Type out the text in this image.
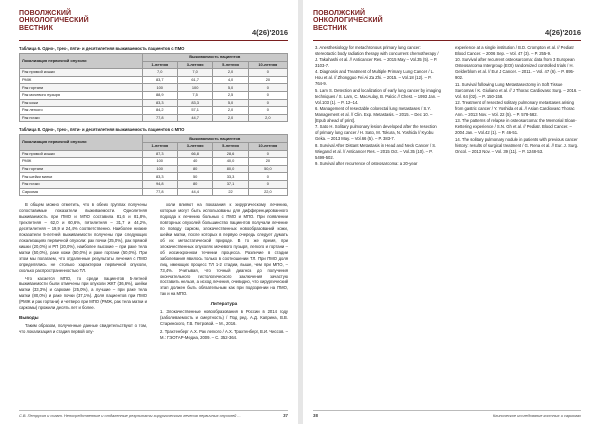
ПОВОЛЖСКИЙ
ОНКОЛОГИЧЕСКИЙ
ВЕСТНИК	4(26)'2016
Таблица 6. Одно-, трех-, пяти- и десятилетняя выживаемость пациентов с ПМО
Локализация первичной опухоли	Выживаемость пациентов			
	1-летняя	3-летняя	5-летняя	10-летняя
Рак прямой кишки	7,0	7,0	2,0	0
РМЖ	83,7	61,7	4,0	20
Рак гортани	100	100	5,0	0
Рак мочевого пузыря	88,9	7,5	2,5	0
Рак кожи	83,3	83,3	5,0	0
Рак легкого	84,2	57,1	2,0	0
Рак почки	77,8	44,7	2,0	2,0
Таблица 8. Одно-, трех-, пяти- и десятилетняя выживаемость пациентов с МПО
Локализация первичной опухоли	Выживаемость пациентов			
	1-летняя	3-летняя	5-летняя	10-летняя
Рак прямой кишки	87,3	66,8	28,6	0
РМЖ	100	40	40,0	20
Рак гортани	100	80	80,0	50,0
Рак шейки матки	83,3	50	33,3	0
Рак почки	94,8	80	37,1	0
Саркома	77,8	44,4	22	22,0

В общем можно отметить, что в обеих группах получены сопоставимые показатели выживаемости. Однолетняя выживаемость при ПМО и МПО составила 81,6 и 81,8%, трехлетняя – 62,0 и 60,6%, пятилетняя – 31,7 и 44,2%, десятилетняя – 19,9 и 24,4% соответственно. Наиболее низкие показатели 5-летней выживаемости получены при следующих локализациях первичной опухоли: рак почки (25,0%), рак прямой кишки (20,0%) и РП (20,0%), наиболее высокие – при раке тела матки (50,0%), раке кожи (50,0%) и раке гортани (50,0%). При этом мы полагаем, что отдаленные результаты лечения с ПМО определялись не столько характером первичной опухоли, сколько распространенностью ТЛ.

Что касается МПО, то среди пациентов 5-летней выживаемости были отмечены при опухоли ЖКТ (36,6%), шейки матки (33,3%) и саркоме (25,0%), а лучшие – при раке тела матки (80,0%) и раке почки (37,1%). Доля пациентов при ПМО (РМЖ и рак гортани) и четверо при МПО (РМЖ, рак тела матки и саркомы) прожили десять лет и более.

Выводы

Таким образом, полученные данные свидетельствуют о том, что локализация и стадия первой опу-

холи влияют на показания к хирургическому лечению, которые могут быть использованы для дифференцированного подхода к лечению больных с ПМО и МПО. При появлении повторных опухолей большинство пациентов получали лечение по поводу сарком, злокачественных новообразований кожи, шейки матки, после которых в первую очередь следует думать об их метастатической природе. В то же время, при злокачественных опухолях мочевого пузыря, легкого и гортани – об иосинхронном течении процесса. Различие в стадии заболевания явилось только в соотношении ТЛ. При ПМО доля лиц, имеющих процесс ТЛ 1-2 стадии, выше, чем при МПО, – 73,4%. Учитывая, что точный диагноз до получения окончательного гистологического заключения зачастую поставить нельзя, а исход лечения, очевидно, что хирургический этап должен быть обязательным как при подозрении на ПМО, так и на МПО.

Литература

1. Злокачественные новообразования в России в 2014 году (заболеваемость и смертность) / Под ред. А.Д. Каприна, В.В. Старинского, Г.В. Петровой. – М., 2016.

2. Трахтенберг А.Х. Рак легкого / А.Х. Трахтенберг, В.И. Чиссов. – М.: ГЭОТАР-Медиа, 2009. – С. 352-364.

С.В. Петрухин и соавт. Непосредственные и отдаленные результаты хирургического лечения первичных опухолей ...	37
ПОВОЛЖСКИЙ
ОНКОЛОГИЧЕСКИЙ
ВЕСТНИК	4(26)'2016
3. Anesthesiology for metachronous primary lung cancer: stereotactic body radiation therapy with concurrent chemotherapy / J. Takahashi et al. // Anticancer Res. – 2015 May – Vol.35 (5). – P. 3103-7.
4. Diagnosis and Treatment of Multiple Primary Lung Cancer / L. Hou et al. // Zhongguo Fei Ai Za Zhi. – 2015. – Vol.18 (12). – P. 764-9.
5. Lam S. Detection and localization of early lung cancer by imaging techniques / S. Lam, C. MacAulay, B. Palcic // Chest. – 1993 Jan. – Vol.103 (1). – P. 12–14.
6. Management of resectable colorectal lung metastases / S.Y. Management et al. // Clin. Exp. Metastasis. – 2015. – Dec 10. – [Epub ahead of print].
7. Sato H. Solitary pulmonary lesion developed after the resection of primary lung cancer / H. Sato, M. Tokura, N. Yoshida // Kyobu Geka. – 2013 May. – Vol.66 (5). – P. 383-7.
8. Survival After Distant Metastasis in Head and Neck Cancer / S. Wiegand et al. // Anticancer Res. – 2015 Oct. – Vol.35 (10). – P. 5499-502.
9. Survival after recurrence of osteosarcoma: a 20-year
experience at a single institution / B.D. Crompton et al. // Pediatr Blood Cancer. – 2006 Sep. – Vol. 47 (3). – P. 255-9.
10. Survival after recurrent osteosarcoma: data from 3 European Osteosarcoma Intergroup (EOI) randomized controlled trials / H. Gelderblom et al. // Eur J Cancer. – 2011. – Vol. 47 (6). – P. 895-902.
11. Survival following Lung Metastasectomy in Soft Tissue Sarcomas / K. Giuliano et al. // J Thorac Cardiovasc Surg. – 2016. – Vol. 64 (02). – P. 150-158.
12. Treatment of resected solitary pulmonary metastases arising from gastric cancer / Y. Yoshida et al. // Asian Cardiovasc Thorac Ann. – 2013 Nov. – Vol. 22 (5). – P. 578-582.
13. The patterns of relapse in osteosarcoma: the Memorial Sloan-Kettering experience / S.N. Gh et al. // Pediatr. Blood Cancer. – 2004 Jan. – Vol.42 (1). – P. 46-51.
14. The solitary pulmonary nodule in patients with previous cancer history: results of surgical treatment / G. Rena et al. // Eur. J. Surg. Oncol. – 2013 Nov. – Vol. 39 (11). – P. 1248-53.
38	Клиническое исследование костных и саркомах
